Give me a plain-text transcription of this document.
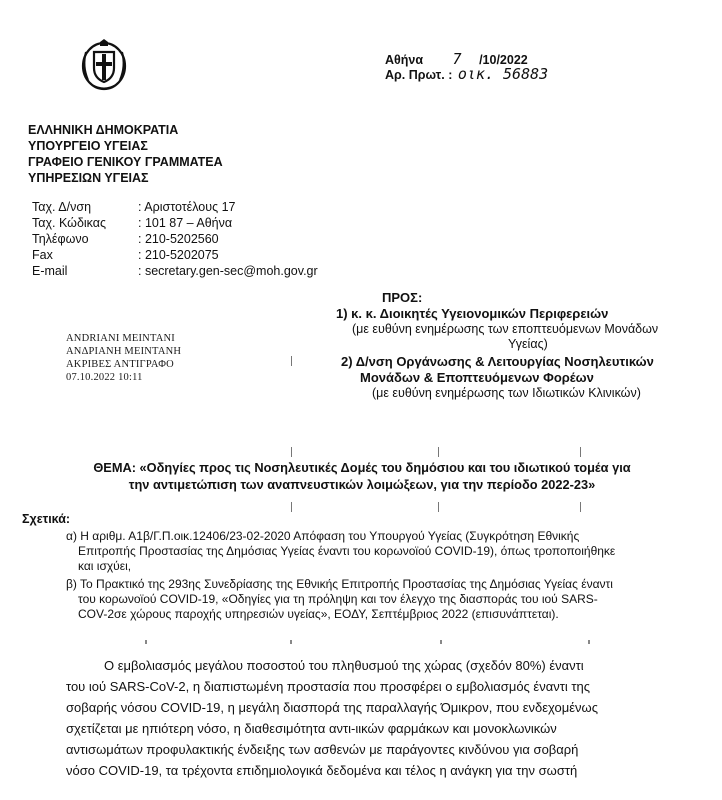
Αθήνα 7 /10/2022
Αρ. Πρωτ. : οικ. 56883
ΕΛΛΗΝΙΚΗ ΔΗΜΟΚΡΑΤΙΑ
ΥΠΟΥΡΓΕΙΟ ΥΓΕΙΑΣ
ΓΡΑΦΕΙΟ ΓΕΝΙΚΟΥ ΓΡΑΜΜΑΤΕΑ
ΥΠΗΡΕΣΙΩΝ ΥΓΕΙΑΣ
Ταχ. Δ/νση	: Αριστοτέλους 17
Ταχ. Κώδικας	: 101 87 – Αθήνα
Τηλέφωνο	: 210-5202560
Fax	: 210-5202075
E-mail	: secretary.gen-sec@moh.gov.gr
ANDRIANI MEINTANI
ΑΝΔΡΙΑΝΗ ΜΕΙΝΤΑΝΗ
ΑΚΡΙΒΕΣ ΑΝΤΙΓΡΑΦΟ
07.10.2022 10:11
ΠΡΟΣ:
1) κ. κ. Διοικητές Υγειονομικών Περιφερειών
(με ευθύνη ενημέρωσης των εποπτευόμενων Μονάδων
Υγείας)
2) Δ/νση Οργάνωσης & Λειτουργίας Νοσηλευτικών
Μονάδων & Εποπτευόμενων Φορέων
(με ευθύνη ενημέρωσης των Ιδιωτικών Κλινικών)
ΘΕΜΑ: «Οδηγίες προς τις Νοσηλευτικές Δομές του δημόσιου και του ιδιωτικού τομέα για
την αντιμετώπιση των αναπνευστικών λοιμώξεων, για την περίοδο 2022-23»
Σχετικά:
α) Η αριθμ. Α1β/Γ.Π.οικ.12406/23-02-2020 Απόφαση του Υπουργού Υγείας (Συγκρότηση Εθνικής
Επιτροπής Προστασίας της Δημόσιας Υγείας έναντι του κορωνοϊού COVID-19), όπως τροποποιήθηκε
και ισχύει,
β) Το Πρακτικό της 293ης Συνεδρίασης της Εθνικής Επιτροπής Προστασίας της Δημόσιας Υγείας έναντι
του κορωνοϊού COVID-19, «Οδηγίες για τη πρόληψη και τον έλεγχο της διασποράς του ιού SARS-
COV-2σε χώρους παροχής υπηρεσιών υγείας», ΕΟΔΥ, Σεπτέμβριος 2022 (επισυνάπτεται).
Ο εμβολιασμός μεγάλου ποσοστού του πληθυσμού της χώρας (σχεδόν 80%) έναντι
του ιού SARS-CoV-2, η διαπιστωμένη προστασία που προσφέρει ο εμβολιασμός έναντι της
σοβαρής νόσου COVID-19, η μεγάλη διασπορά της παραλλαγής Όμικρον, που ενδεχομένως
σχετίζεται με ηπιότερη νόσο, η διαθεσιμότητα αντι-ιικών φαρμάκων και μονοκλωνικών
αντισωμάτων προφυλακτικής ένδειξης των ασθενών με παράγοντες κινδύνου για σοβαρή
νόσο COVID-19, τα τρέχοντα επιδημιολογικά δεδομένα και τέλος η ανάγκη για την σωστή
